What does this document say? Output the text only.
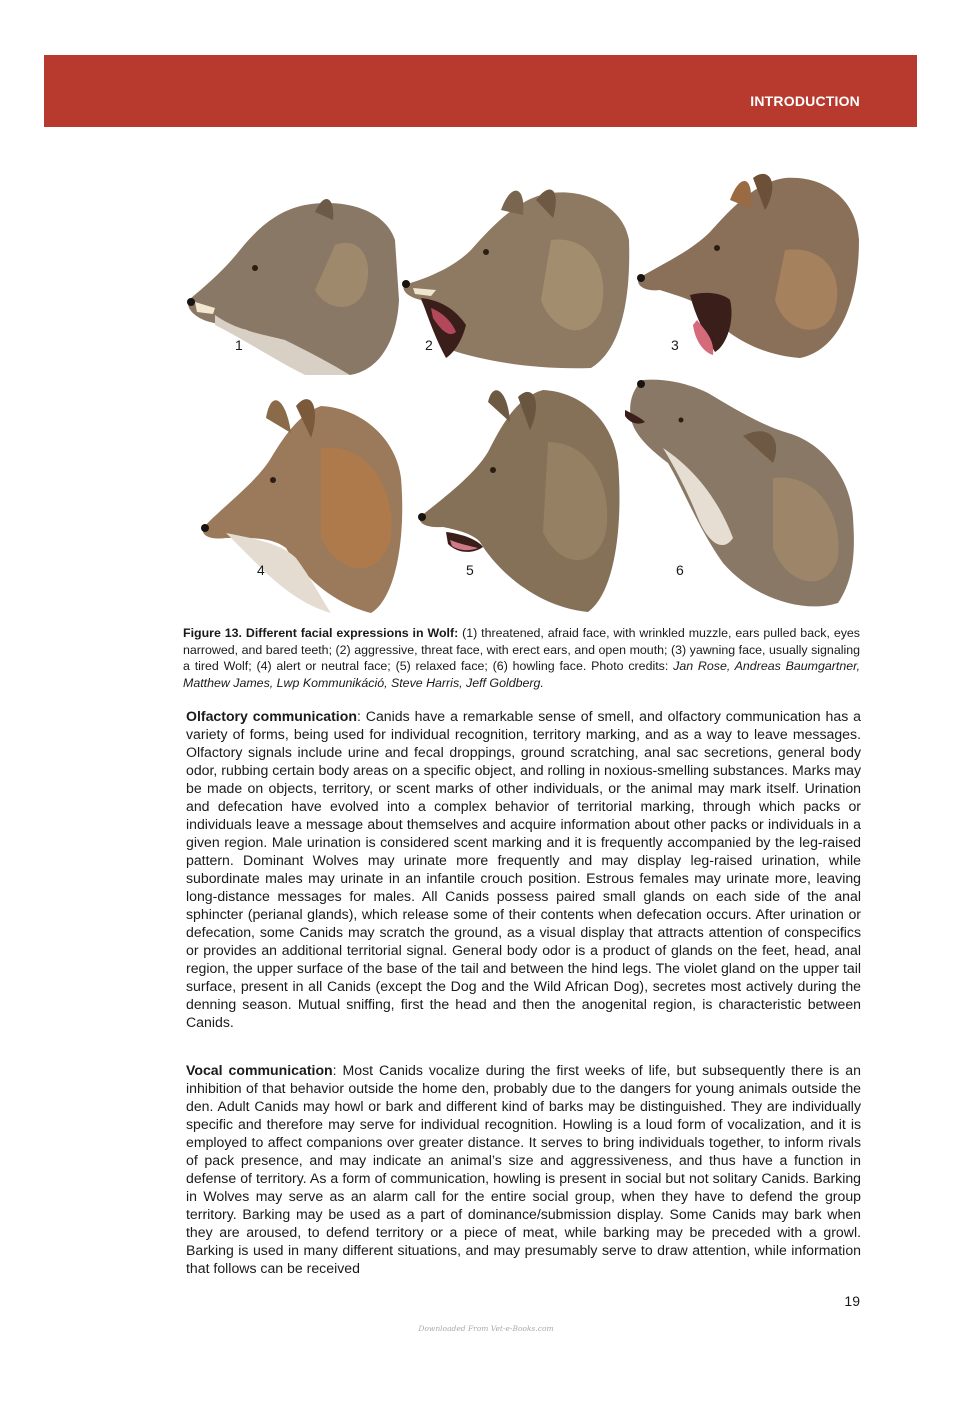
INTRODUCTION
1	2	3
4	5	6
Figure 13. Different facial expressions in Wolf: (1) threatened, afraid face, with wrinkled muzzle, ears pulled back, eyes narrowed, and bared teeth; (2) aggressive, threat face, with erect ears, and open mouth; (3) yawning face, usually signaling a tired Wolf; (4) alert or neutral face; (5) relaxed face; (6) howling face. Photo credits: Jan Rose, Andreas Baumgartner, Matthew James, Lwp Kommunikáció, Steve Harris, Jeff Goldberg.

Olfactory communication: Canids have a remarkable sense of smell, and olfactory communication has a variety of forms, being used for individual recognition, territory marking, and as a way to leave messages. Olfactory signals include urine and fecal droppings, ground scratching, anal sac secretions, general body odor, rubbing certain body areas on a specific object, and rolling in noxious-smelling substances. Marks may be made on objects, territory, or scent marks of other individuals, or the animal may mark itself. Urination and defecation have evolved into a complex behavior of territorial marking, through which packs or individuals leave a message about themselves and acquire information about other packs or individuals in a given region. Male urination is considered scent marking and it is frequently accompanied by the leg-raised pattern. Dominant Wolves may urinate more frequently and may display leg-raised urination, while subordinate males may urinate in an infantile crouch position. Estrous females may urinate more, leaving long-distance messages for males. All Canids possess paired small glands on each side of the anal sphincter (perianal glands), which release some of their contents when defecation occurs. After urination or defecation, some Canids may scratch the ground, as a visual display that attracts attention of conspecifics or provides an additional territorial signal. General body odor is a product of glands on the feet, head, anal region, the upper surface of the base of the tail and between the hind legs. The violet gland on the upper tail surface, present in all Canids (except the Dog and the Wild African Dog), secretes most actively during the denning season. Mutual sniffing, first the head and then the anogenital region, is characteristic between Canids.

Vocal communication: Most Canids vocalize during the first weeks of life, but subsequently there is an inhibition of that behavior outside the home den, probably due to the dangers for young animals outside the den. Adult Canids may howl or bark and different kind of barks may be distinguished. They are individually specific and therefore may serve for individual recognition. Howling is a loud form of vocalization, and it is employed to affect companions over greater distance. It serves to bring individuals together, to inform rivals of pack presence, and may indicate an animal’s size and aggressiveness, and thus have a function in defense of territory. As a form of communication, howling is present in social but not solitary Canids. Barking in Wolves may serve as an alarm call for the entire social group, when they have to defend the group territory. Barking may be used as a part of dominance/submission display. Some Canids may bark when they are aroused, to defend territory or a piece of meat, while barking may be preceded with a growl. Barking is used in many different situations, and may presumably serve to draw attention, while information that follows can be received

19
Downloaded From Vet-e-Books.com
